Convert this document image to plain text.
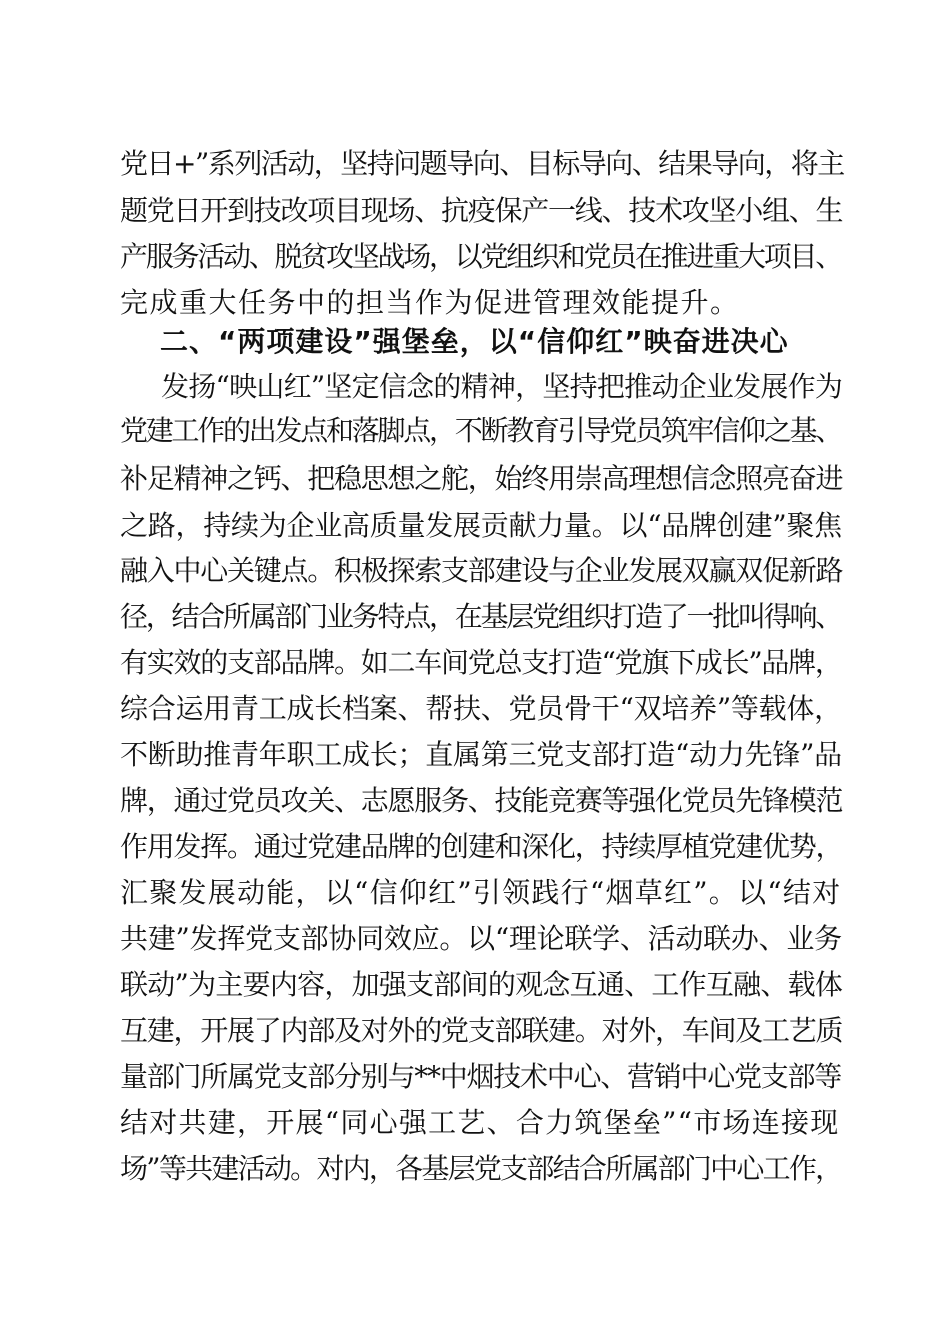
党日+”系列活动，坚持问题导向、目标导向、结果导向，将主
题党日开到技改项目现场、抗疫保产一线、技术攻坚小组、生
产服务活动、脱贫攻坚战场，以党组织和党员在推进重大项目、
完成重大任务中的担当作为促进管理效能提升。
二、“两项建设”强堡垒，以“信仰红”映奋进决心
发扬“映山红”坚定信念的精神，坚持把推动企业发展作为
党建工作的出发点和落脚点，不断教育引导党员筑牢信仰之基、
补足精神之钙、把稳思想之舵，始终用崇高理想信念照亮奋进
之路，持续为企业高质量发展贡献力量。以“品牌创建”聚焦
融入中心关键点。积极探索支部建设与企业发展双赢双促新路
径，结合所属部门业务特点，在基层党组织打造了一批叫得响、
有实效的支部品牌。如二车间党总支打造“党旗下成长”品牌，
综合运用青工成长档案、帮扶、党员骨干“双培养”等载体，
不断助推青年职工成长；直属第三党支部打造“动力先锋”品
牌，通过党员攻关、志愿服务、技能竞赛等强化党员先锋模范
作用发挥。通过党建品牌的创建和深化，持续厚植党建优势，
汇聚发展动能，以“信仰红”引领践行“烟草红”。以“结对
共建”发挥党支部协同效应。以“理论联学、活动联办、业务
联动”为主要内容，加强支部间的观念互通、工作互融、载体
互建，开展了内部及对外的党支部联建。对外，车间及工艺质
量部门所属党支部分别与**中烟技术中心、营销中心党支部等
结对共建，开展“同心强工艺、合力筑堡垒”“市场连接现
场”等共建活动。对内，各基层党支部结合所属部门中心工作，
